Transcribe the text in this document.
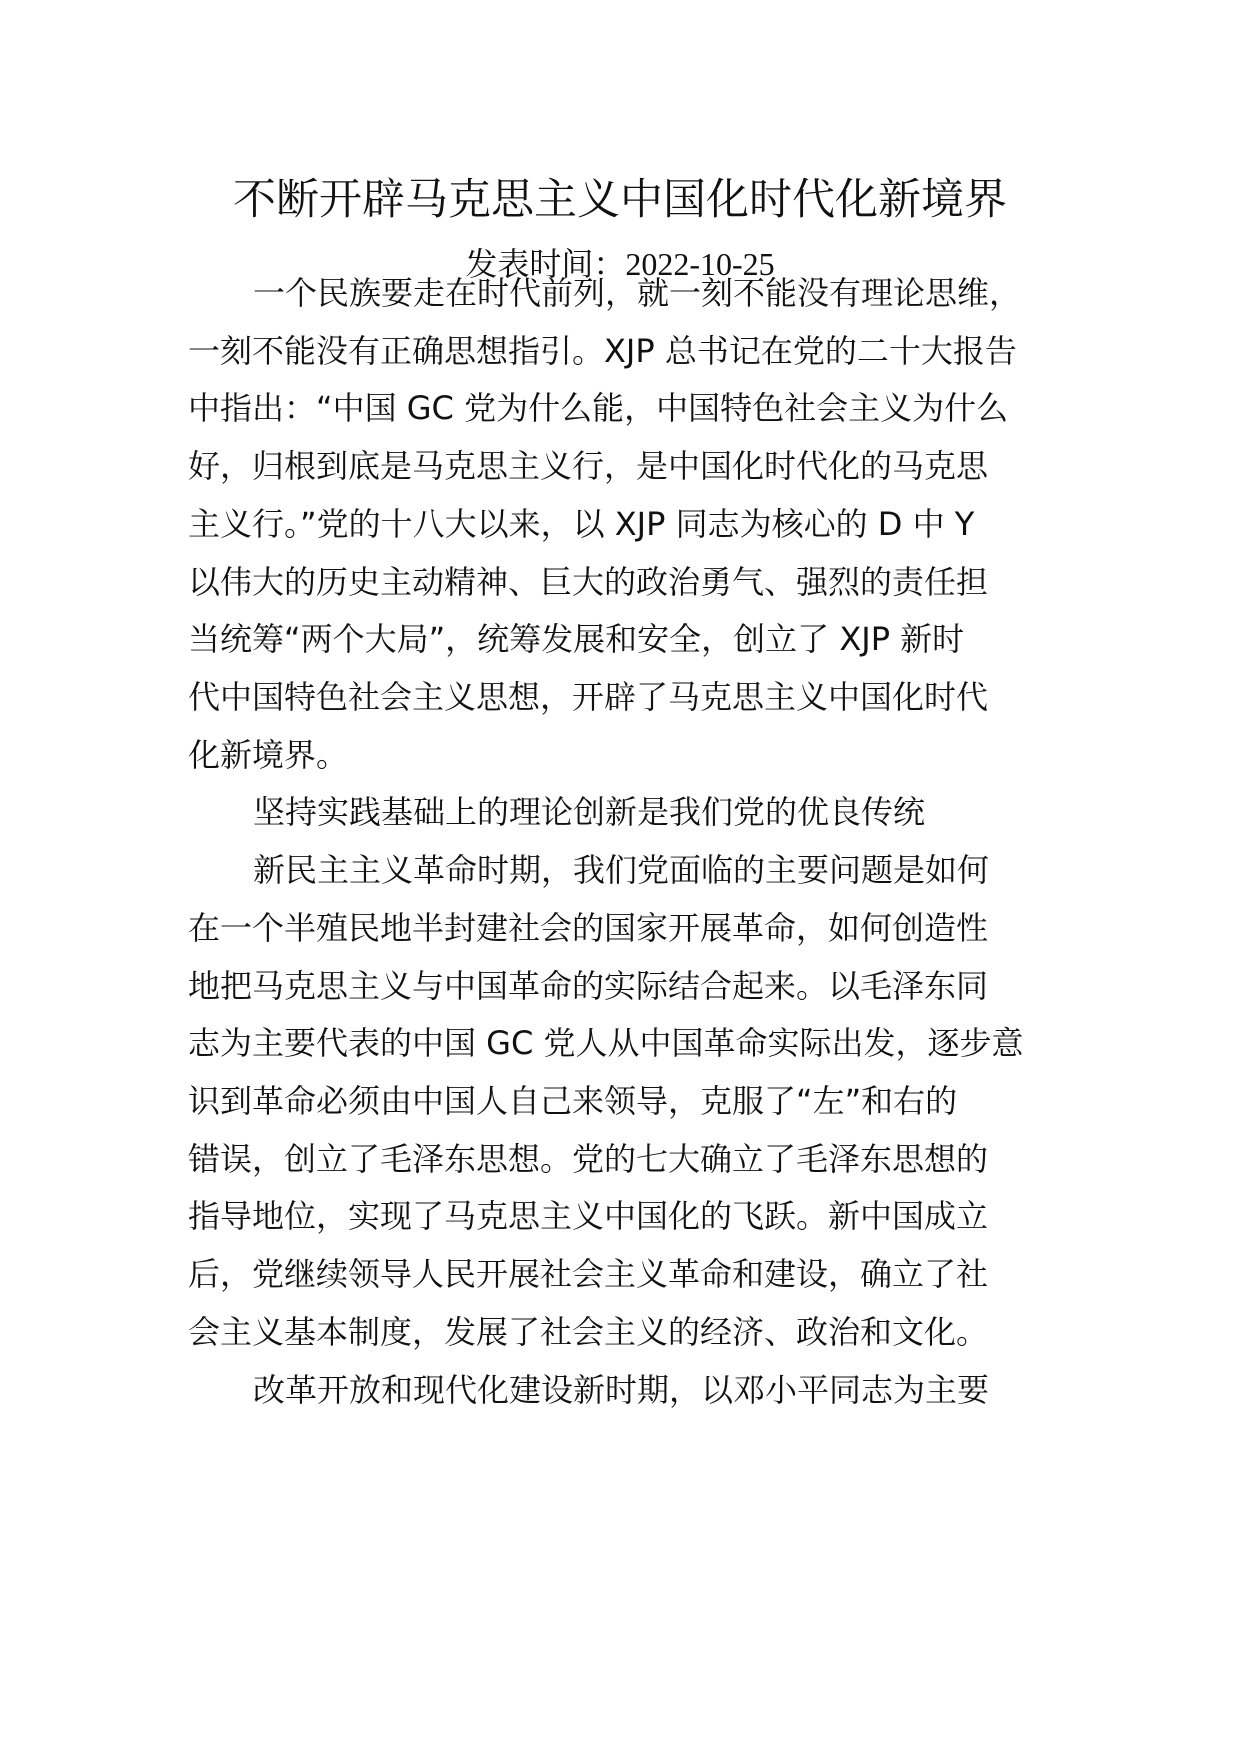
不断开辟马克思主义中国化时代化新境界
发表时间：2022-10-25

一个民族要走在时代前列，就一刻不能没有理论思维，

一刻不能没有正确思想指引。XJP 总书记在党的二十大报告

中指出：“中国 GC 党为什么能，中国特色社会主义为什么

好，归根到底是马克思主义行，是中国化时代化的马克思

主义行。”党的十八大以来，以 XJP 同志为核心的 D 中 Y

以伟大的历史主动精神、巨大的政治勇气、强烈的责任担

当统筹“两个大局”，统筹发展和安全，创立了 XJP 新时

代中国特色社会主义思想，开辟了马克思主义中国化时代

化新境界。

坚持实践基础上的理论创新是我们党的优良传统

新民主主义革命时期，我们党面临的主要问题是如何

在一个半殖民地半封建社会的国家开展革命，如何创造性

地把马克思主义与中国革命的实际结合起来。以毛泽东同

志为主要代表的中国 GC 党人从中国革命实际出发，逐步意

识到革命必须由中国人自己来领导，克服了“左”和右的

错误，创立了毛泽东思想。党的七大确立了毛泽东思想的

指导地位，实现了马克思主义中国化的飞跃。新中国成立

后，党继续领导人民开展社会主义革命和建设，确立了社

会主义基本制度，发展了社会主义的经济、政治和文化。

改革开放和现代化建设新时期，以邓小平同志为主要
